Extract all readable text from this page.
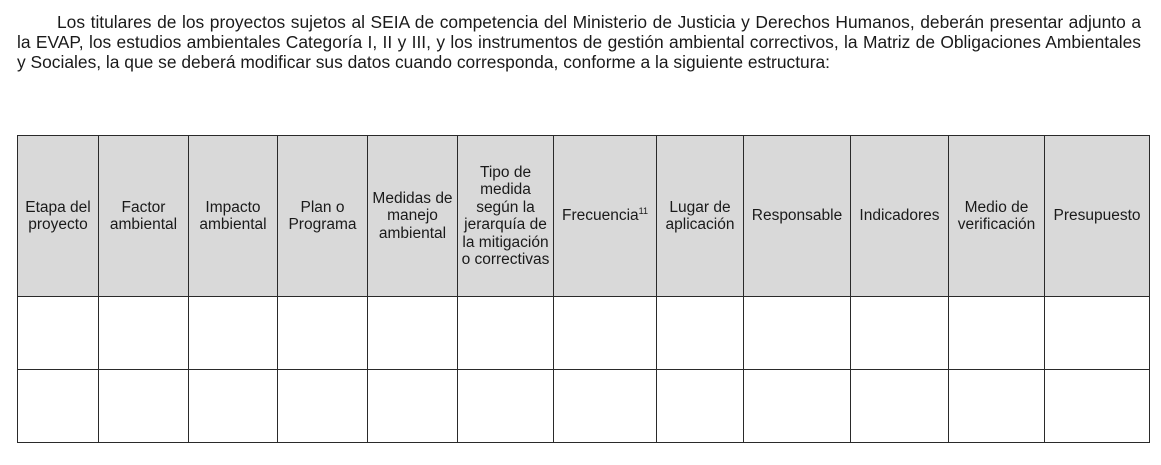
Los titulares de los proyectos sujetos al SEIA de competencia del Ministerio de Justicia y Derechos Humanos, deberán presentar adjunto a la EVAP, los estudios ambientales Categoría I, II y III, y los instrumentos de gestión ambiental correctivos, la Matriz de Obligaciones Ambientales y Sociales, la que se deberá modificar sus datos cuando corresponda, conforme a la siguiente estructura:

Etapa del proyecto	Factor ambiental	Impacto ambiental	Plan o Programa	Medidas de manejo ambiental	Tipo de medida según la jerarquía de la mitigación o correctivas	Frecuencia$^{11}$	Lugar de aplicación	Responsable	Indicadores	Medio de verificación	Presupuesto
